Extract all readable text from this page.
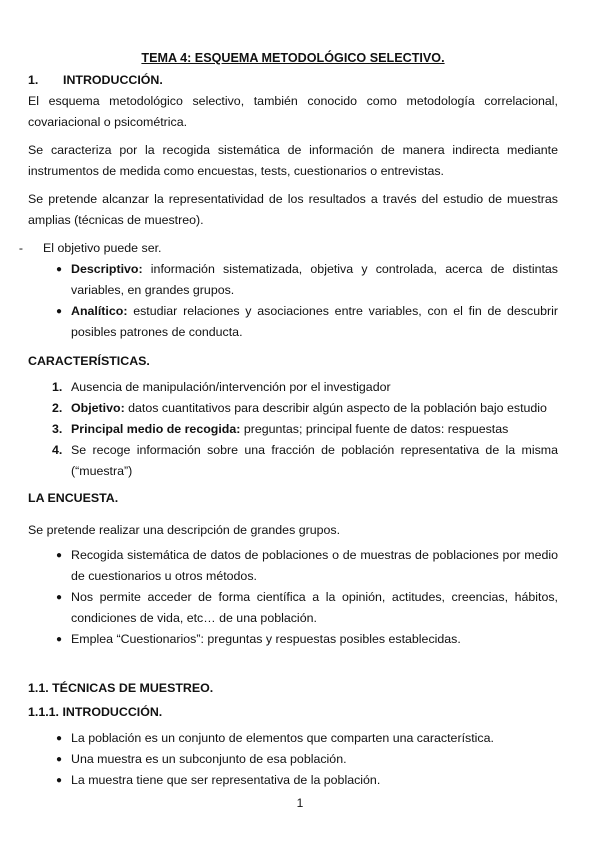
TEMA 4: ESQUEMA METODOLÓGICO SELECTIVO.
1. INTRODUCCIÓN.

El esquema metodológico selectivo, también conocido como metodología correlacional, covariacional o psicométrica.

Se caracteriza por la recogida sistemática de información de manera indirecta mediante instrumentos de medida como encuestas, tests, cuestionarios o entrevistas.

Se pretende alcanzar la representatividad de los resultados a través del estudio de muestras amplias (técnicas de muestreo).

-	El objetivo puede ser.
● Descriptivo: información sistematizada, objetiva y controlada, acerca de distintas variables, en grandes grupos.
● Analítico: estudiar relaciones y asociaciones entre variables, con el fin de descubrir posibles patrones de conducta.
CARACTERÍSTICAS.
1. Ausencia de manipulación/intervención por el investigador
2. Objetivo: datos cuantitativos para describir algún aspecto de la población bajo estudio
3. Principal medio de recogida: preguntas; principal fuente de datos: respuestas
4. Se recoge información sobre una fracción de población representativa de la misma (“muestra”)
LA ENCUESTA.

Se pretende realizar una descripción de grandes grupos.

● Recogida sistemática de datos de poblaciones o de muestras de poblaciones por medio de cuestionarios u otros métodos.
● Nos permite acceder de forma científica a la opinión, actitudes, creencias, hábitos, condiciones de vida, etc… de una población.
● Emplea “Cuestionarios”: preguntas y respuestas posibles establecidas.
1.1. TÉCNICAS DE MUESTREO.
1.1.1. INTRODUCCIÓN.
● La población es un conjunto de elementos que comparten una característica.
● Una muestra es un subconjunto de esa población.
● La muestra tiene que ser representativa de la población.
1
